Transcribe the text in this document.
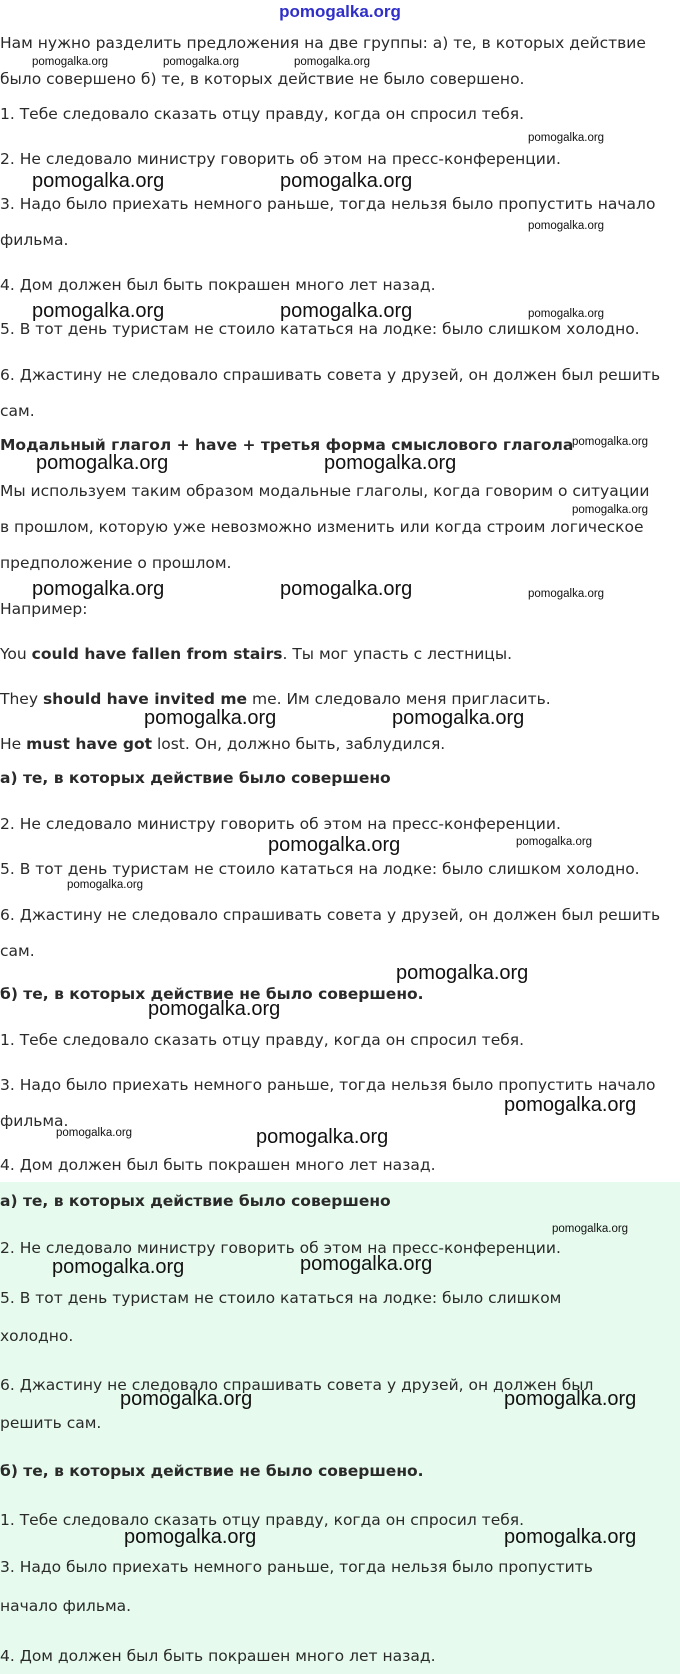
pomogalka.org
Нам нужно разделить предложения на две группы: а) те, в которых действие
было совершено б) те, в которых действие не было совершено.
1. Тебе следовало сказать отцу правду, когда он спросил тебя.
2. Не следовало министру говорить об этом на пресс-конференции.
3. Надо было приехать немного раньше, тогда нельзя было пропустить начало
фильма.
4. Дом должен был быть покрашен много лет назад.
5. В тот день туристам не стоило кататься на лодке: было слишком холодно.
6. Джастину не следовало спрашивать совета у друзей, он должен был решить
сам.
Модальный глагол + have + третья форма смыслового глагола
Мы используем таким образом модальные глаголы, когда говорим о ситуации
в прошлом, которую уже невозможно изменить или когда строим логическое
предположение о прошлом.
Например:
You could have fallen from stairs. Ты мог упасть с лестницы.
They should have invited me me. Им следовало меня пригласить.
He must have got lost. Он, должно быть, заблудился.
а) те, в которых действие было совершено
2. Не следовало министру говорить об этом на пресс-конференции.
5. В тот день туристам не стоило кататься на лодке: было слишком холодно.
6. Джастину не следовало спрашивать совета у друзей, он должен был решить
сам.
б) те, в которых действие не было совершено.
1. Тебе следовало сказать отцу правду, когда он спросил тебя.
3. Надо было приехать немного раньше, тогда нельзя было пропустить начало
фильма.
4. Дом должен был быть покрашен много лет назад.
а) те, в которых действие было совершено
2. Не следовало министру говорить об этом на пресс-конференции.
5. В тот день туристам не стоило кататься на лодке: было слишком
холодно.
6. Джастину не следовало спрашивать совета у друзей, он должен был
решить сам.
б) те, в которых действие не было совершено.
1. Тебе следовало сказать отцу правду, когда он спросил тебя.
3. Надо было приехать немного раньше, тогда нельзя было пропустить
начало фильма.
4. Дом должен был быть покрашен много лет назад.
pomogalka.org	pomogalka.org	pomogalka.org
pomogalka.org
pomogalka.org	pomogalka.org
pomogalka.org
pomogalka.org	pomogalka.org	pomogalka.org
pomogalka.org
pomogalka.org	pomogalka.org
pomogalka.org
pomogalka.org	pomogalka.org	pomogalka.org
pomogalka.org	pomogalka.org
pomogalka.org	pomogalka.org
pomogalka.org
pomogalka.org
pomogalka.org
pomogalka.org
pomogalka.org	pomogalka.org
pomogalka.org
pomogalka.org	pomogalka.org
pomogalka.org	pomogalka.org
pomogalka.org	pomogalka.org
